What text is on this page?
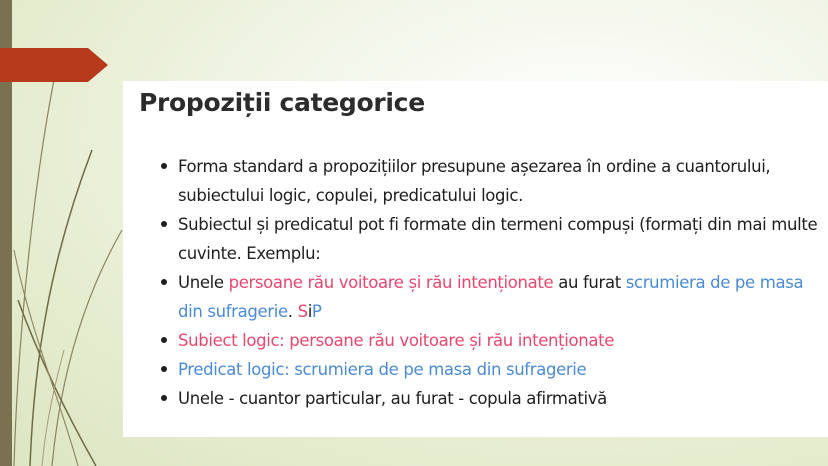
Propoziții categorice
Forma standard a propozițiilor presupune așezarea în ordine a cuantorului, subiectului logic, copulei, predicatului logic.
Subiectul și predicatul pot fi formate din termeni compuși (formați din mai multe cuvinte. Exemplu:
Unele persoane rău voitoare și rău intenționate au furat scrumiera de pe masa din sufragerie. SiP
Subiect logic: persoane rău voitoare și rău intenționate
Predicat logic: scrumiera de pe masa din sufragerie
Unele - cuantor particular, au furat - copula afirmativă
